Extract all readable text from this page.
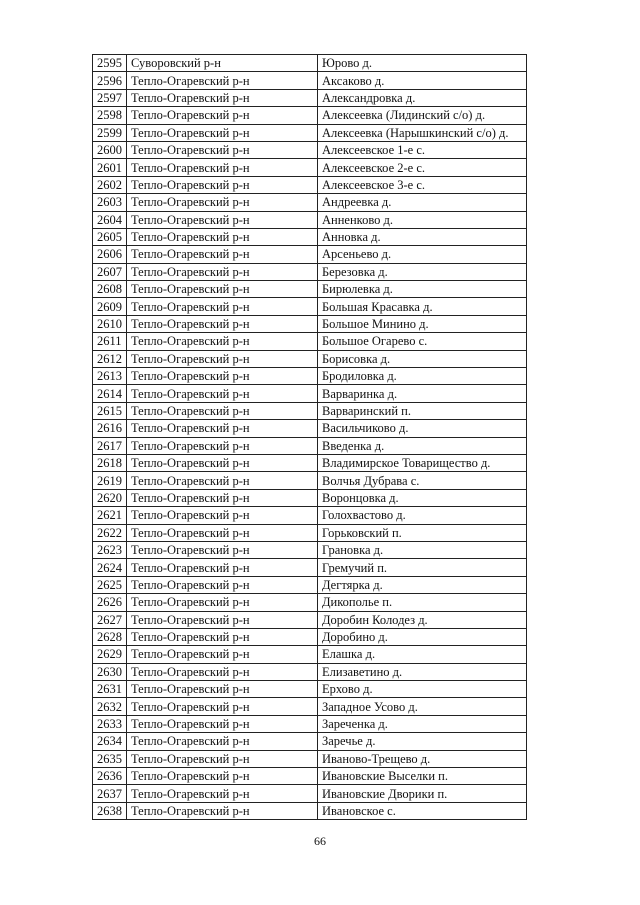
2595	Суворовский р-н	Юрово д.
2596	Тепло-Огаревский р-н	Аксаково д.
2597	Тепло-Огаревский р-н	Александровка д.
2598	Тепло-Огаревский р-н	Алексеевка (Лидинский с/о) д.
2599	Тепло-Огаревский р-н	Алексеевка (Нарышкинский с/о) д.
2600	Тепло-Огаревский р-н	Алексеевское 1-е с.
2601	Тепло-Огаревский р-н	Алексеевское 2-е с.
2602	Тепло-Огаревский р-н	Алексеевское 3-е с.
2603	Тепло-Огаревский р-н	Андреевка д.
2604	Тепло-Огаревский р-н	Анненково д.
2605	Тепло-Огаревский р-н	Анновка д.
2606	Тепло-Огаревский р-н	Арсеньево д.
2607	Тепло-Огаревский р-н	Березовка д.
2608	Тепло-Огаревский р-н	Бирюлевка д.
2609	Тепло-Огаревский р-н	Большая Красавка д.
2610	Тепло-Огаревский р-н	Большое Минино д.
2611	Тепло-Огаревский р-н	Большое Огарево с.
2612	Тепло-Огаревский р-н	Борисовка д.
2613	Тепло-Огаревский р-н	Бродиловка д.
2614	Тепло-Огаревский р-н	Варваринка д.
2615	Тепло-Огаревский р-н	Варваринский п.
2616	Тепло-Огаревский р-н	Васильчиково д.
2617	Тепло-Огаревский р-н	Введенка д.
2618	Тепло-Огаревский р-н	Владимирское Товарищество д.
2619	Тепло-Огаревский р-н	Волчья Дубрава с.
2620	Тепло-Огаревский р-н	Воронцовка д.
2621	Тепло-Огаревский р-н	Голохвастово д.
2622	Тепло-Огаревский р-н	Горьковский п.
2623	Тепло-Огаревский р-н	Грановка д.
2624	Тепло-Огаревский р-н	Гремучий п.
2625	Тепло-Огаревский р-н	Дегтярка д.
2626	Тепло-Огаревский р-н	Дикополье п.
2627	Тепло-Огаревский р-н	Доробин Колодез д.
2628	Тепло-Огаревский р-н	Доробино д.
2629	Тепло-Огаревский р-н	Елашка д.
2630	Тепло-Огаревский р-н	Елизаветино д.
2631	Тепло-Огаревский р-н	Ерхово д.
2632	Тепло-Огаревский р-н	Западное Усово д.
2633	Тепло-Огаревский р-н	Зареченка д.
2634	Тепло-Огаревский р-н	Заречье д.
2635	Тепло-Огаревский р-н	Иваново-Трещево д.
2636	Тепло-Огаревский р-н	Ивановские Выселки п.
2637	Тепло-Огаревский р-н	Ивановские Дворики п.
2638	Тепло-Огаревский р-н	Ивановское с.
66
